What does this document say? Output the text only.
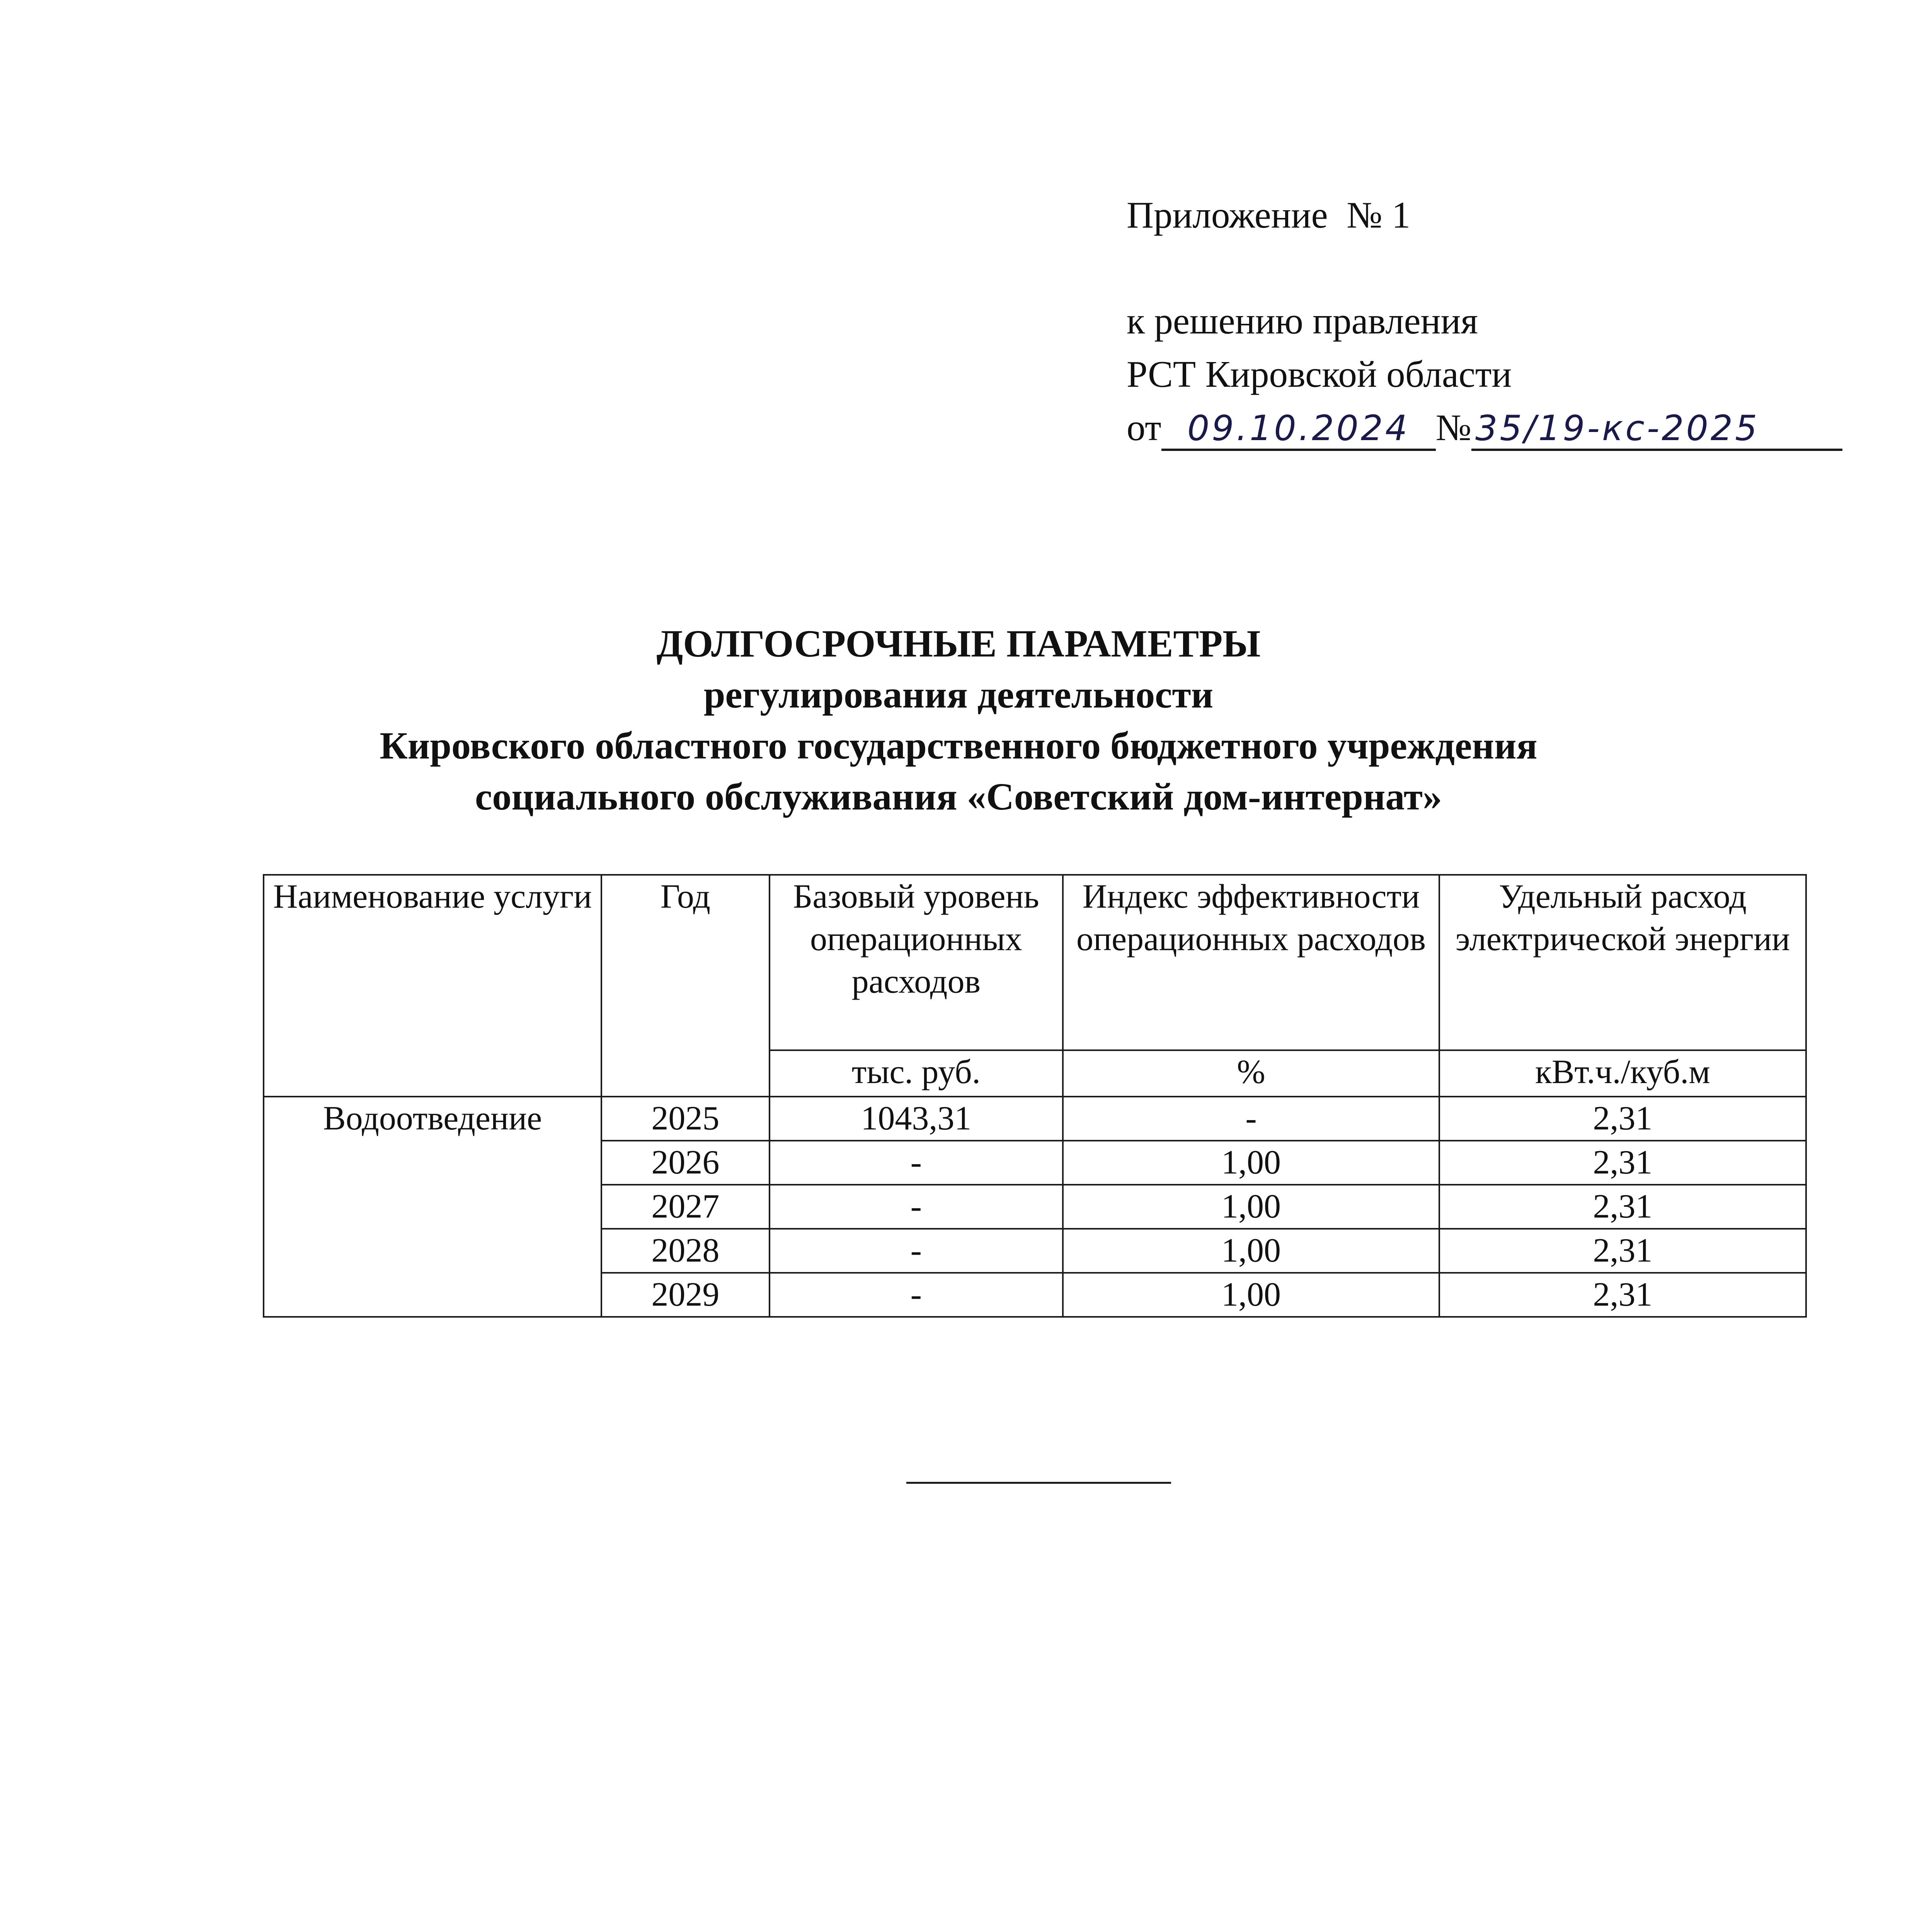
Приложение  № 1
к решению правления
РСТ Кировской области
от 09.10.2024 № 35/19-кс-2025
ДОЛГОСРОЧНЫЕ ПАРАМЕТРЫ
регулирования деятельности
Кировского областного государственного бюджетного учреждения
социального обслуживания «Советский дом-интернат»
Наименование услуги	Год	Базовый уровень операционных расходов	Индекс эффективности операционных расходов	Удельный расход электрической энергии
		тыс. руб.	%	кВт.ч./куб.м
Водоотведение	2025	1043,31	-	2,31
	2026	-	1,00	2,31
	2027	-	1,00	2,31
	2028	-	1,00	2,31
	2029	-	1,00	2,31
